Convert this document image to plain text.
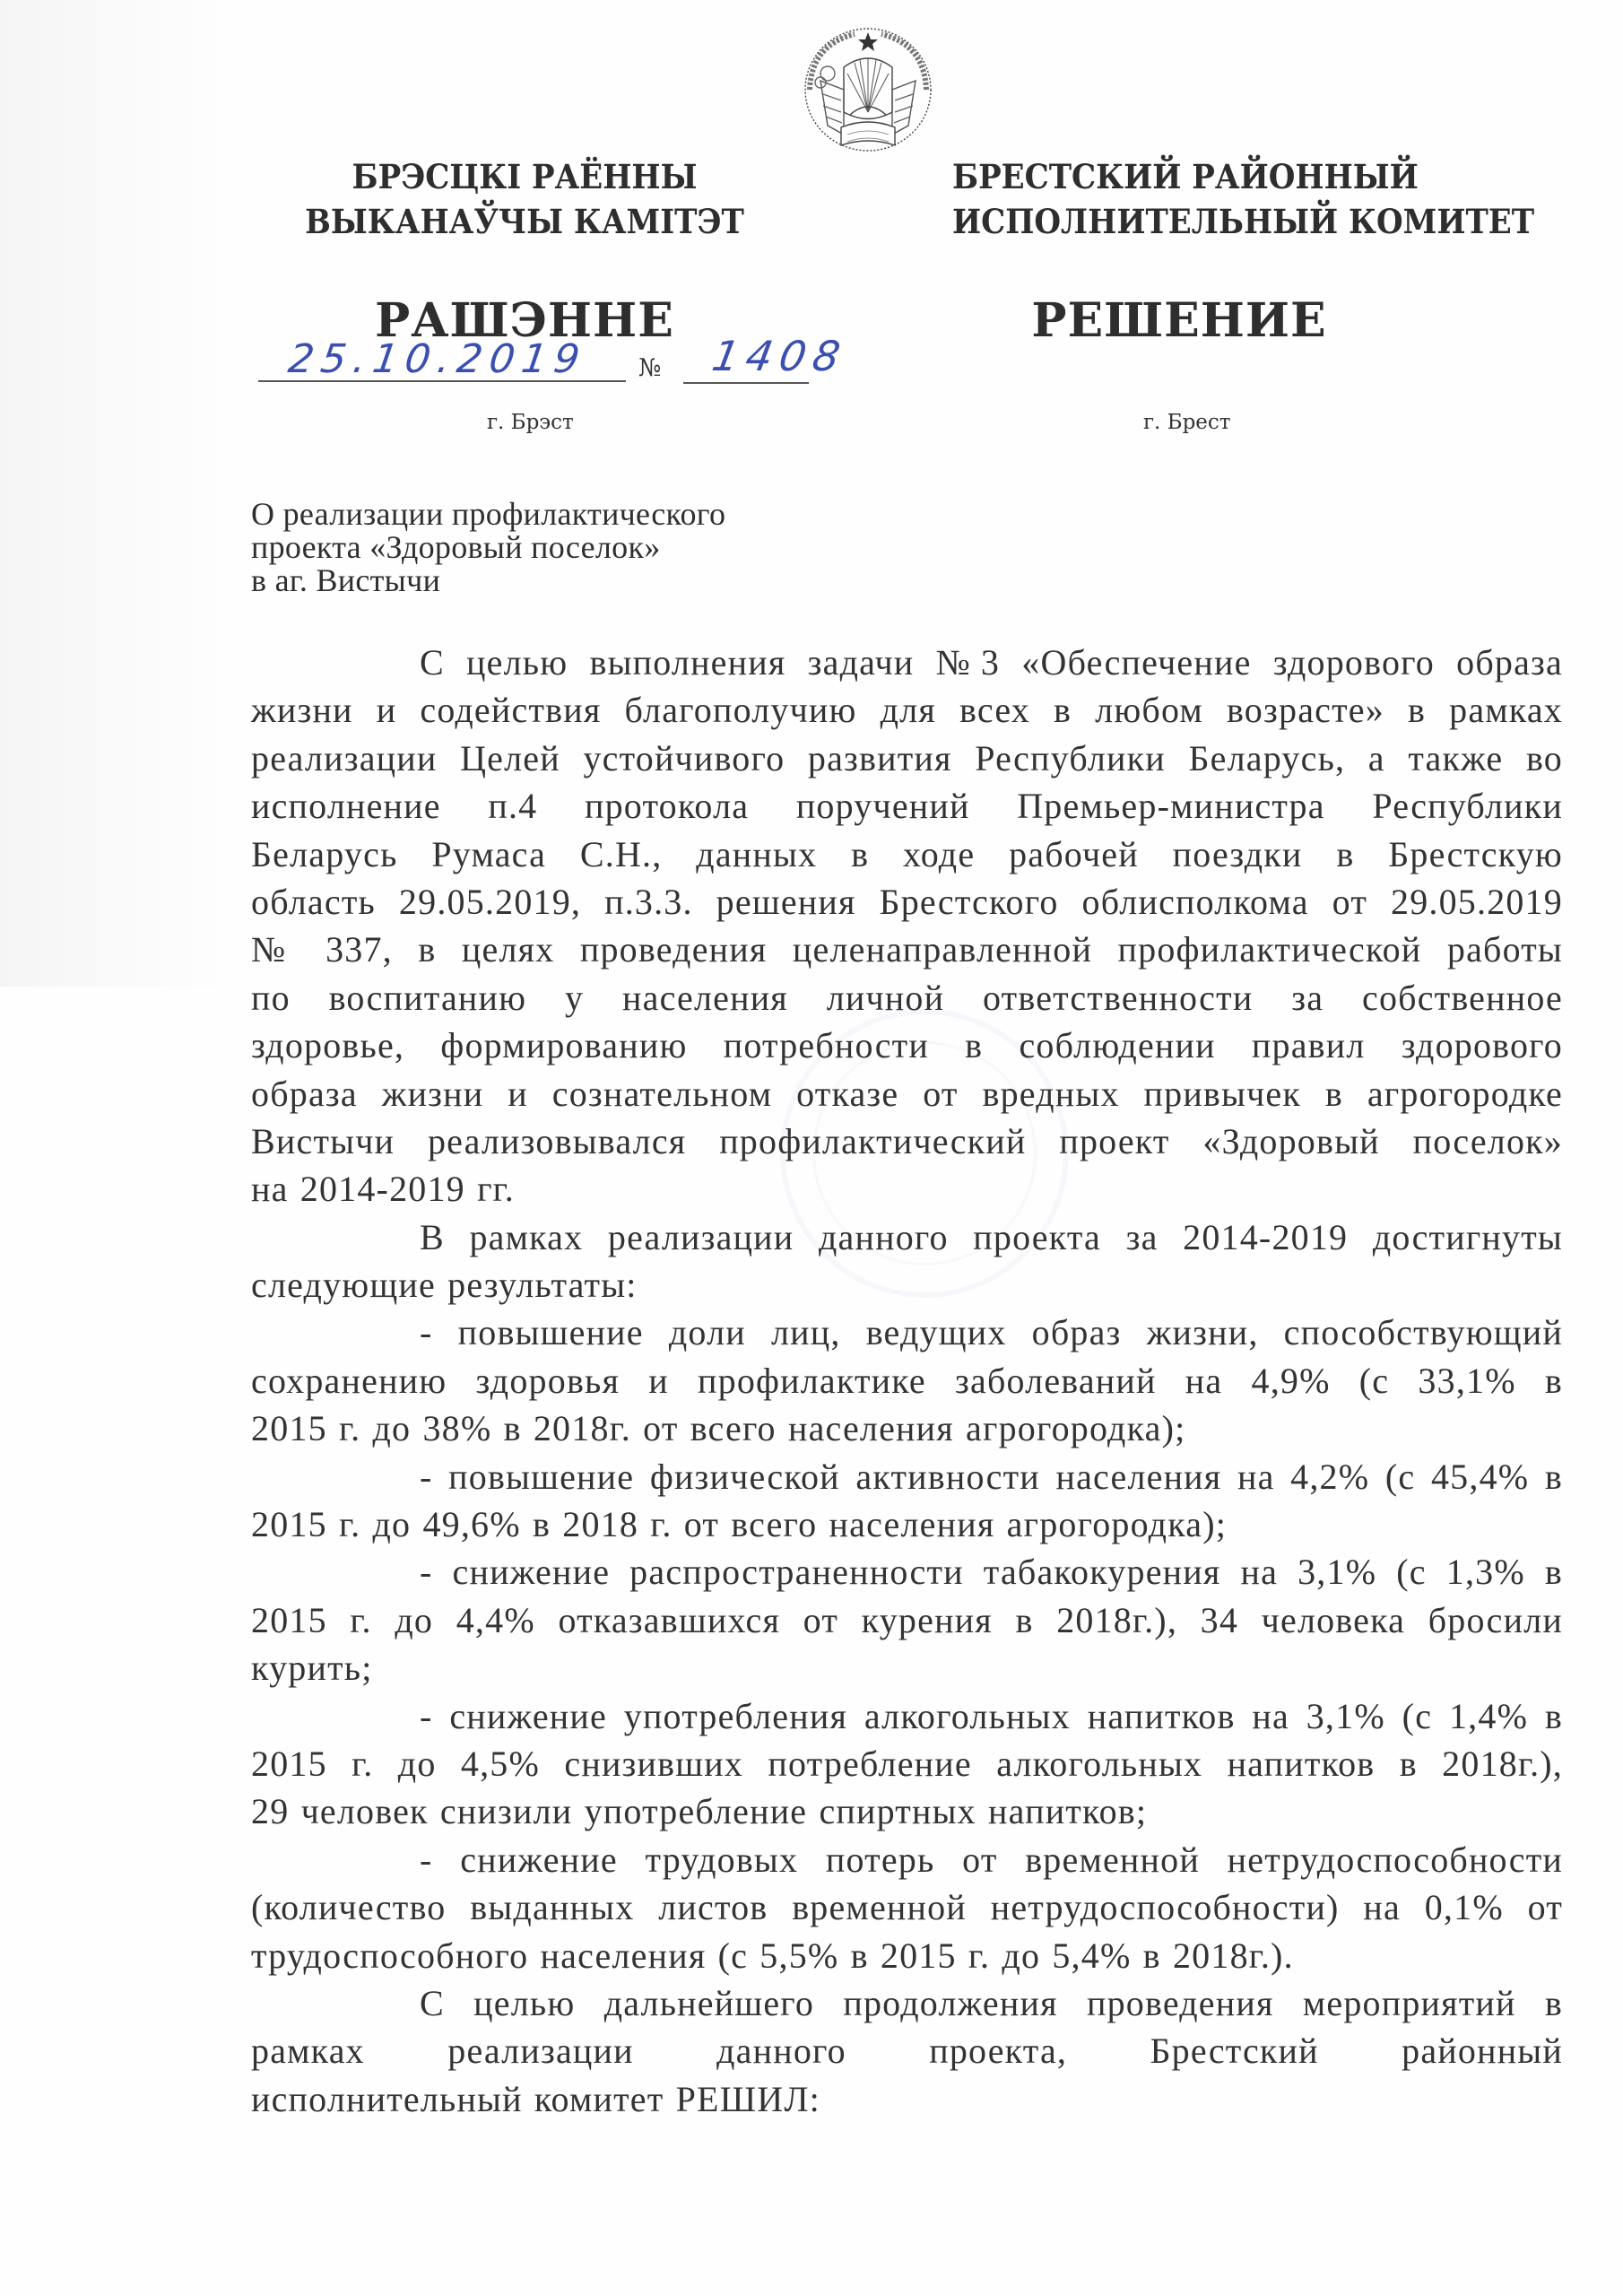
БРЭСЦКІ РАЁННЫ
ВЫКАНАЎЧЫ КАМІТЭТ
РАШЭННЕ
БРЕСТСКИЙ РАЙОННЫЙ
ИСПОЛНИТЕЛЬНЫЙ КОМИТЕТ
РЕШЕНИЕ
25.10.2019 № 1408
г. Брэст	г. Брест
О реализации профилактического
проекта «Здоровый поселок»
в аг. Вистычи
С целью выполнения задачи №3 «Обеспечение здорового образа
жизни и содействия благополучию для всех в любом возрасте» в рамках
реализации Целей устойчивого развития Республики Беларусь, а также во
исполнение п.4 протокола поручений Премьер-министра Республики
Беларусь Румаса С.Н., данных в ходе рабочей поездки в Брестскую
область 29.05.2019, п.3.3. решения Брестского облисполкома от 29.05.2019
№ 337, в целях проведения целенаправленной профилактической работы
по воспитанию у населения личной ответственности за собственное
здоровье, формированию потребности в соблюдении правил здорового
образа жизни и сознательном отказе от вредных привычек в агрогородке
Вистычи реализовывался профилактический проект «Здоровый поселок»
на 2014-2019 гг.
В рамках реализации данного проекта за 2014-2019 достигнуты
следующие результаты:
- повышение доли лиц, ведущих образ жизни, способствующий
сохранению здоровья и профилактике заболеваний на 4,9% (с 33,1% в
2015 г. до 38% в 2018г. от всего населения агрогородка);
- повышение физической активности населения на 4,2% (с 45,4% в
2015 г. до 49,6% в 2018 г. от всего населения агрогородка);
- снижение распространенности табакокурения на 3,1% (с 1,3% в
2015 г. до 4,4% отказавшихся от курения в 2018г.), 34 человека бросили
курить;
- снижение употребления алкогольных напитков на 3,1% (с 1,4% в
2015 г. до 4,5% снизивших потребление алкогольных напитков в 2018г.),
29 человек снизили употребление спиртных напитков;
- снижение трудовых потерь от временной нетрудоспособности
(количество выданных листов временной нетрудоспособности) на 0,1% от
трудоспособного населения (с 5,5% в 2015 г. до 5,4% в 2018г.).
С целью дальнейшего продолжения проведения мероприятий в
рамках реализации данного проекта, Брестский районный
исполнительный комитет РЕШИЛ:
